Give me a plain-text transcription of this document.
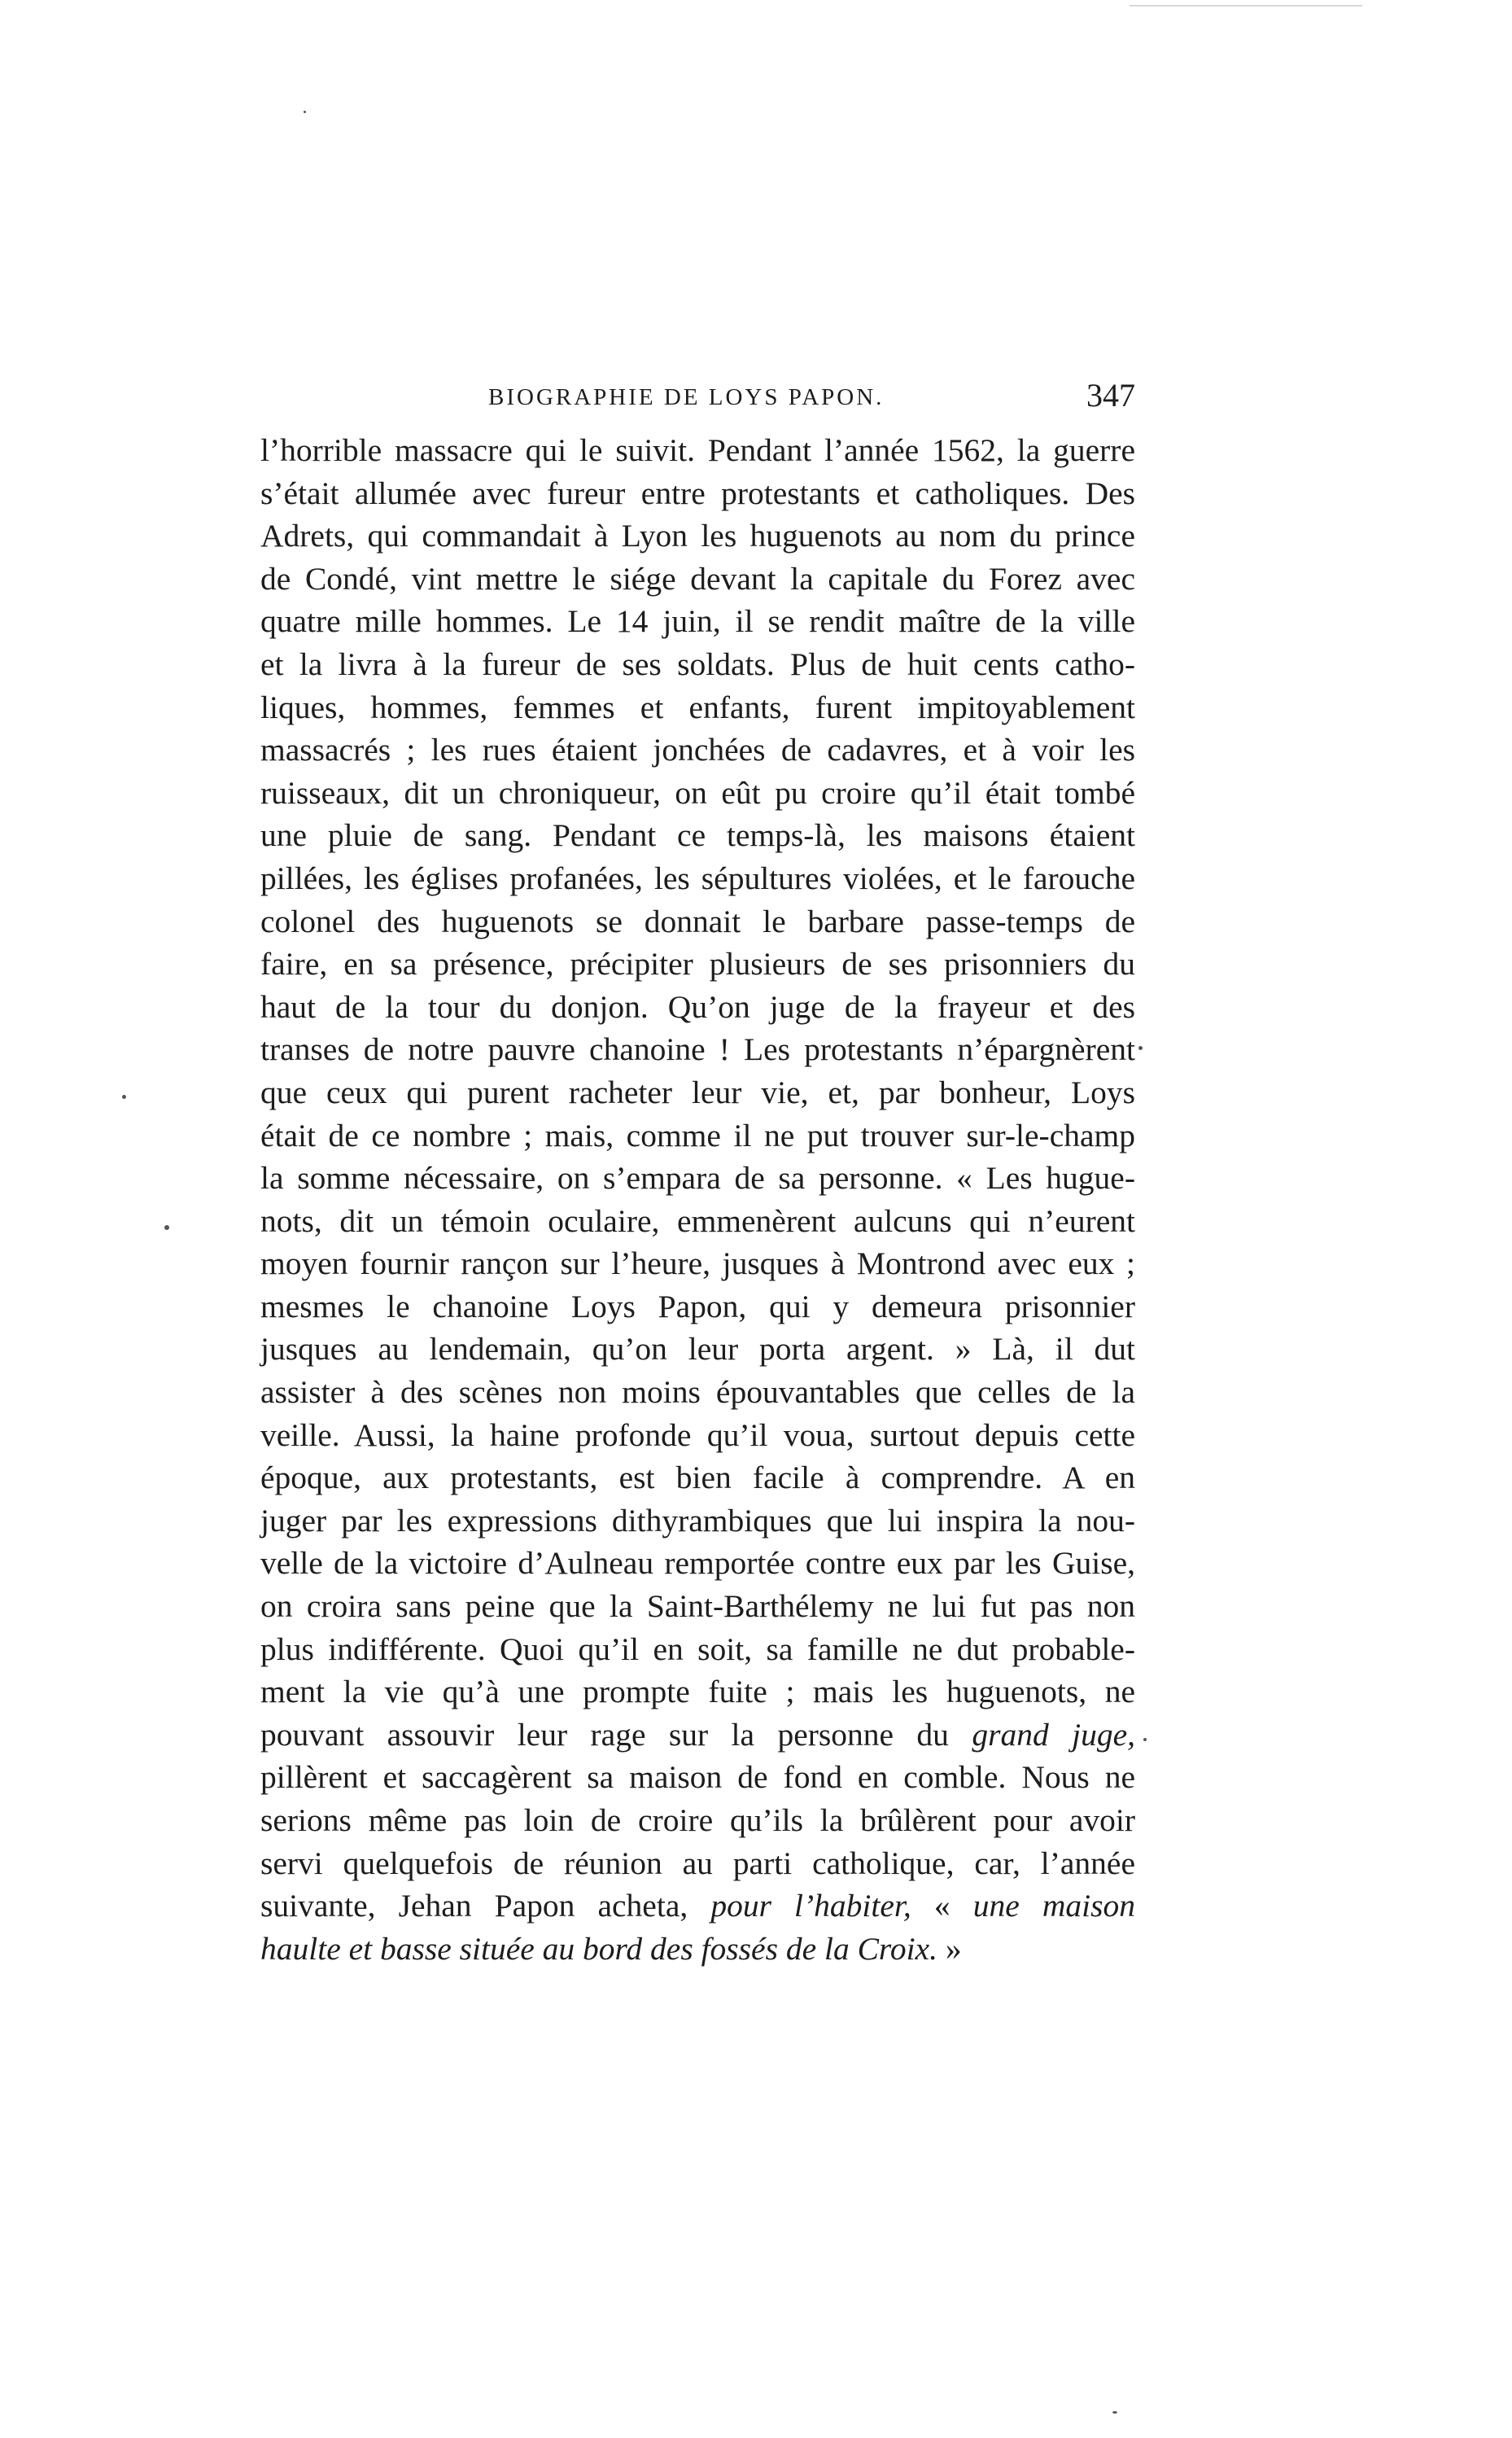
BIOGRAPHIE DE LOYS PAPON.	347
l’horrible massacre qui le suivit. Pendant l’année 1562, la guerre
s’était allumée avec fureur entre protestants et catholiques. Des
Adrets, qui commandait à Lyon les huguenots au nom du prince
de Condé, vint mettre le siége devant la capitale du Forez avec
quatre mille hommes. Le 14 juin, il se rendit maître de la ville
et la livra à la fureur de ses soldats. Plus de huit cents catho-
liques, hommes, femmes et enfants, furent impitoyablement
massacrés ; les rues étaient jonchées de cadavres, et à voir les
ruisseaux, dit un chroniqueur, on eût pu croire qu’il était tombé
une pluie de sang. Pendant ce temps-là, les maisons étaient
pillées, les églises profanées, les sépultures violées, et le farouche
colonel des huguenots se donnait le barbare passe-temps de
faire, en sa présence, précipiter plusieurs de ses prisonniers du
haut de la tour du donjon. Qu’on juge de la frayeur et des
transes de notre pauvre chanoine ! Les protestants n’épargnèrent
que ceux qui purent racheter leur vie, et, par bonheur, Loys
était de ce nombre ; mais, comme il ne put trouver sur-le-champ
la somme nécessaire, on s’empara de sa personne. « Les hugue-
nots, dit un témoin oculaire, emmenèrent aulcuns qui n’eurent
moyen fournir rançon sur l’heure, jusques à Montrond avec eux ;
mesmes le chanoine Loys Papon, qui y demeura prisonnier
jusques au lendemain, qu’on leur porta argent. » Là, il dut
assister à des scènes non moins épouvantables que celles de la
veille. Aussi, la haine profonde qu’il voua, surtout depuis cette
époque, aux protestants, est bien facile à comprendre. A en
juger par les expressions dithyrambiques que lui inspira la nou-
velle de la victoire d’Aulneau remportée contre eux par les Guise,
on croira sans peine que la Saint-Barthélemy ne lui fut pas non
plus indifférente. Quoi qu’il en soit, sa famille ne dut probable-
ment la vie qu’à une prompte fuite ; mais les huguenots, ne
pouvant assouvir leur rage sur la personne du grand juge,
pillèrent et saccagèrent sa maison de fond en comble. Nous ne
serions même pas loin de croire qu’ils la brûlèrent pour avoir
servi quelquefois de réunion au parti catholique, car, l’année
suivante, Jehan Papon acheta, pour l’habiter, « une maison
haulte et basse située au bord des fossés de la Croix. »
